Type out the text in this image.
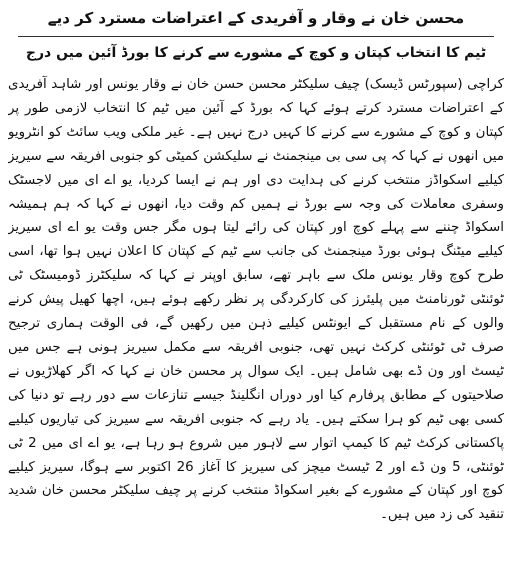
محسن خان نے وقار و آفریدی کے اعتراضات مسترد کر دیے
ٹیم کا انتخاب کپتان و کوچ کے مشورے سے کرنے کا بورڈ آئین میں درج

کراچی (سپورٹس ڈیسک) چیف سلیکٹر محسن حسن خان نے وقار یونس اور شاہد آفریدی کے اعتراضات مسترد کرتے ہوئے کہا کہ بورڈ کے آئین میں ٹیم کا انتخاب لازمی طور پر کپتان و کوچ کے مشورے سے کرنے کا کہیں درج نہیں ہے۔ غیر ملکی ویب سائٹ کو انٹرویو میں انھوں نے کہا کہ پی سی بی مینجمنٹ نے سلیکشن کمیٹی کو جنوبی افریقہ سے سیریز کیلیے اسکواڈز منتخب کرنے کی ہدایت دی اور ہم نے ایسا کردیا، یو اے ای میں لاجسٹک وسفری معاملات کی وجہ سے بورڈ نے ہمیں کم وقت دیا، انھوں نے کہا کہ ہم ہمیشہ اسکواڈ چننے سے پہلے کوچ اور کپتان کی رائے لیتا ہوں مگر جس وقت یو اے ای سیریز کیلیے میٹنگ ہوئی بورڈ مینجمنٹ کی جانب سے ٹیم کے کپتان کا اعلان نہیں ہوا تھا، اسی طرح کوچ وقار یونس ملک سے باہر تھے، سابق اوپنر نے کہا کہ سلیکٹرز ڈومیسٹک ٹی ٹوئنٹی ٹورنامنٹ میں پلیئرز کی کارکردگی پر نظر رکھے ہوئے ہیں، اچھا کھیل پیش کرنے والوں کے نام مستقبل کے ایونٹس کیلیے ذہن میں رکھیں گے، فی الوقت ہماری ترجیح صرف ٹی ٹوئنٹی کرکٹ نہیں تھی، جنوبی افریقہ سے مکمل سیریز ہونی ہے جس میں ٹیسٹ اور ون ڈے بھی شامل ہیں۔ ایک سوال پر محسن خان نے کہا کہ اگر کھلاڑیوں نے صلاحیتوں کے مطابق پرفارم کیا اور دوراں انگلینڈ جیسے تنازعات سے دور رہے تو دنیا کی کسی بھی ٹیم کو ہرا سکتے ہیں۔ یاد رہے کہ جنوبی افریقہ سے سیریز کی تیاریوں کیلیے پاکستانی کرکٹ ٹیم کا کیمپ اتوار سے لاہور میں شروع ہو رہا ہے، یو اے ای میں 2 ٹی ٹوئنٹی، 5 ون ڈے اور 2 ٹیسٹ میچز کی سیریز کا آغاز 26 اکتوبر سے ہوگا، سیریز کیلیے کوچ اور کپتان کے مشورے کے بغیر اسکواڈ منتخب کرنے پر چیف سلیکٹر محسن خان شدید تنقید کی زد میں ہیں۔
